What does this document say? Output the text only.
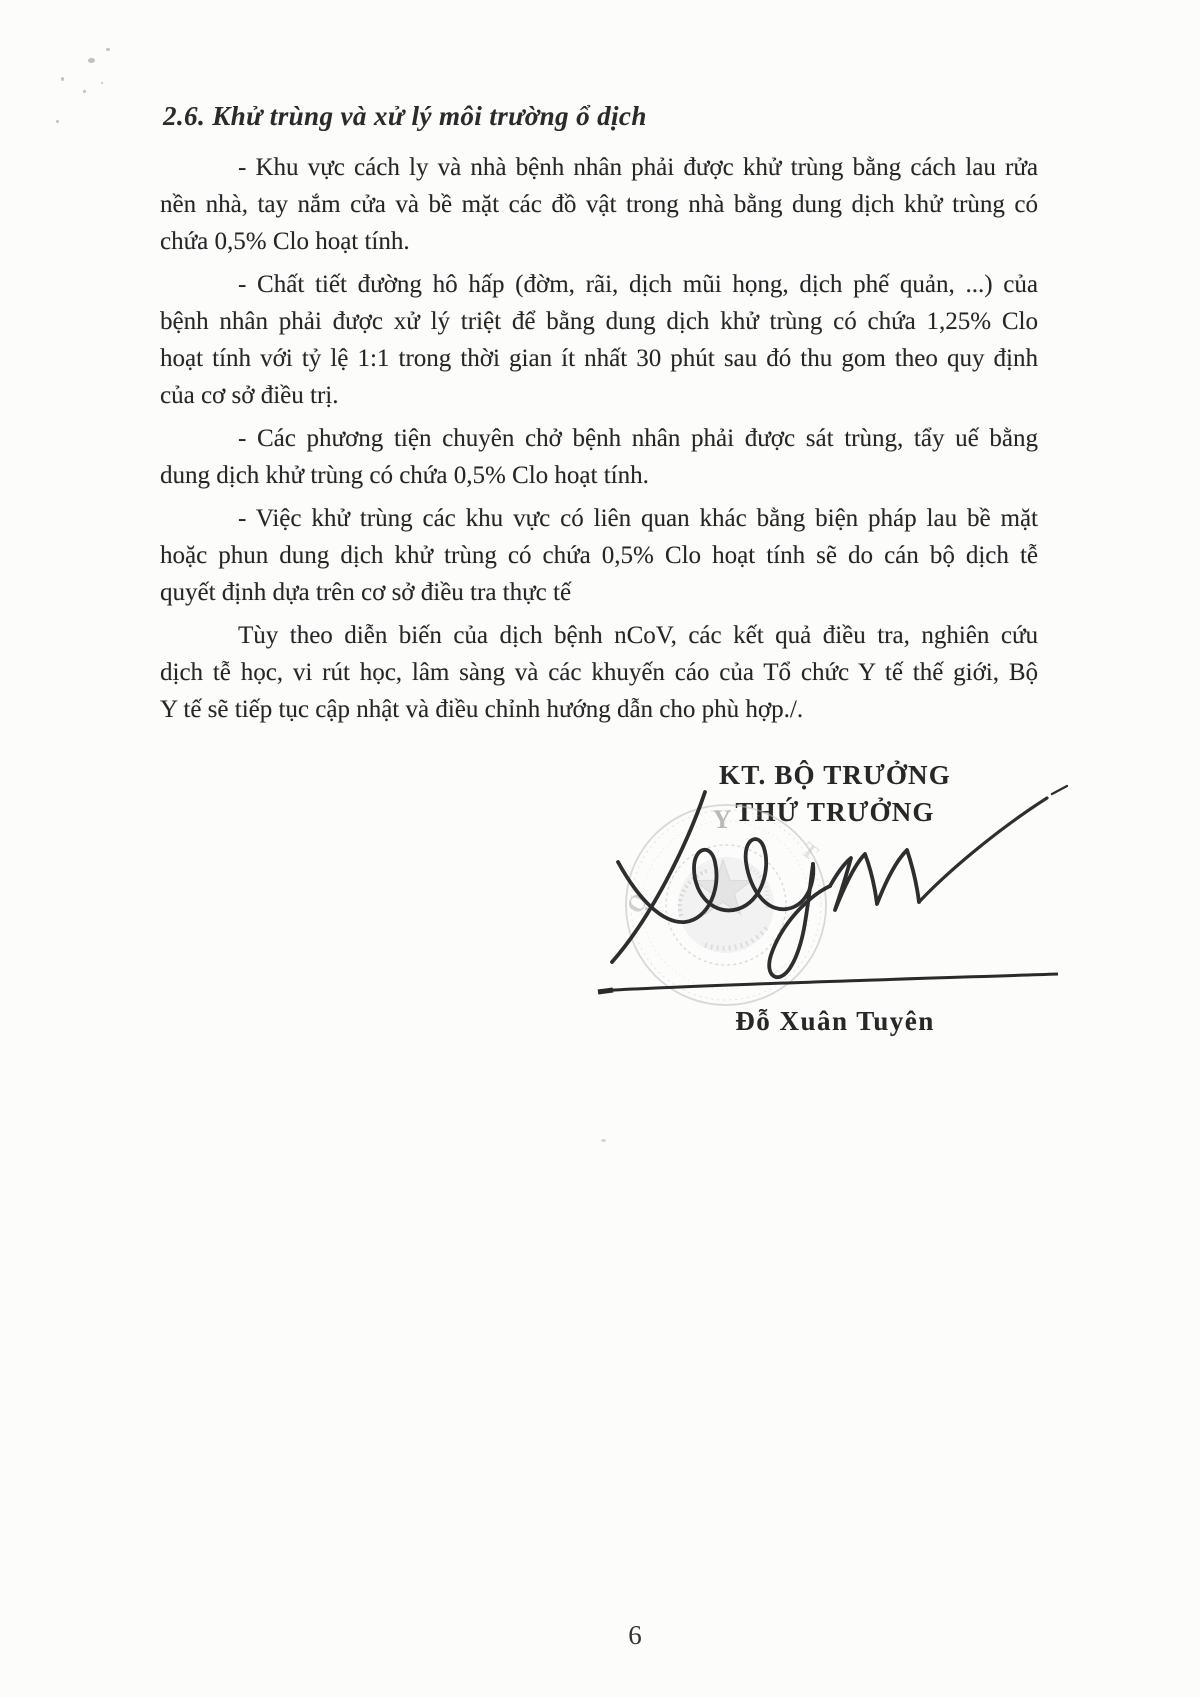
2.6. Khử trùng và xử lý môi trường ổ dịch
- Khu vực cách ly và nhà bệnh nhân phải được khử trùng bằng cách lau rửa
nền nhà, tay nắm cửa và bề mặt các đồ vật trong nhà bằng dung dịch khử trùng có
chứa 0,5% Clo hoạt tính.
- Chất tiết đường hô hấp (đờm, rãi, dịch mũi họng, dịch phế quản, ...) của
bệnh nhân phải được xử lý triệt để bằng dung dịch khử trùng có chứa 1,25% Clo
hoạt tính với tỷ lệ 1:1 trong thời gian ít nhất 30 phút sau đó thu gom theo quy định
của cơ sở điều trị.
- Các phương tiện chuyên chở bệnh nhân phải được sát trùng, tẩy uế bằng
dung dịch khử trùng có chứa 0,5% Clo hoạt tính.
- Việc khử trùng các khu vực có liên quan khác bằng biện pháp lau bề mặt
hoặc phun dung dịch khử trùng có chứa 0,5% Clo hoạt tính sẽ do cán bộ dịch tễ
quyết định dựa trên cơ sở điều tra thực tế
Tùy theo diễn biến của dịch bệnh nCoV, các kết quả điều tra, nghiên cứu
dịch tễ học, vi rút học, lâm sàng và các khuyến cáo của Tổ chức Y tế thế giới, Bộ
Y tế sẽ tiếp tục cập nhật và điều chỉnh hướng dẫn cho phù hợp./.
KT. BỘ TRƯỞNG
THỨ TRƯỞNG
Y
Ọ
T
Đỗ Xuân Tuyên
6
